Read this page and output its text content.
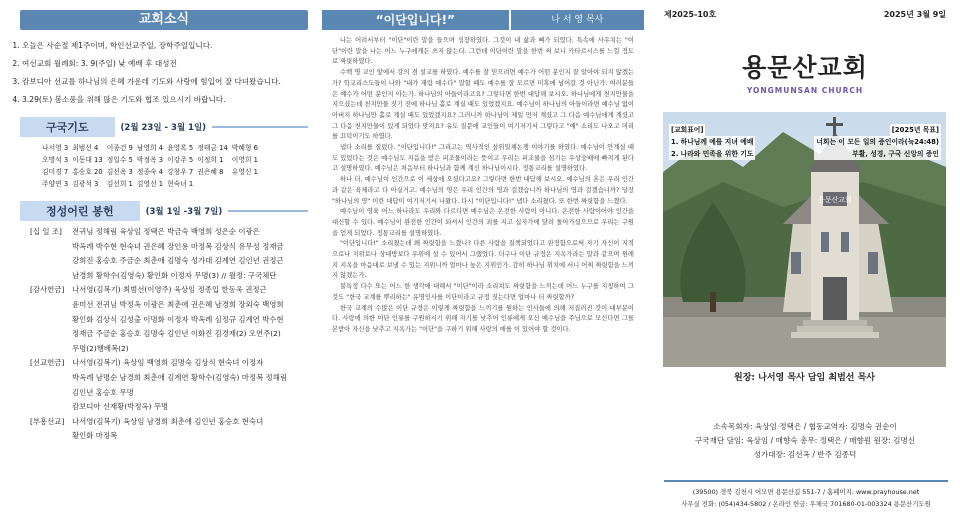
교회소식
1. 오늘은 사순절 제1주이며, 학인선교주일, 장학주일입니다.
2. 여선교회 월례회: 3. 9(주일) 낮 예배 후 대성전
3. 캄보디아 선교를 하나님의 은혜 가운데 기도와 사랑에 힘입어 잘 다녀왔습니다.
4. 3.29(토) 봄소풍을 위해 많은 기도와 협조 있으시기 바랍니다.
구국기도	(2월 23일 - 3월 1일)
나서영 3	최범선 4	이종건 9	남영희 4	윤영록 5	정태금 14	박혜형 6
오명석 3	이동대 13	정일수 5	박정옥 3	이강주 5	이정희 1	이영희 1
김미경 7	홍승호 20	김선옥 3	정종숙 4	강창우 7	권은혜 8	유영신 1
주양연 3	김광석 3	김선희 1	김영선 1	현숙녀 1		
정성어린 봉헌	(3월 1일 -3월 7일)
[십 일 조]	전귀님 정해림 육상임 정택은 박금숙 백영희 성은순 이광은
박옥례 박수현 현숙녀 권은혜 장인용 마정복 김상식 유무성 정재금
강희진 홍승호 주금순 최춘애 김명숙 성가대 김계연 김인년 권정근
남경희 황학수(김영숙) 황인화 이정자 무명(3) // 월정: 구국체단
[감사헌금]	나서영(김복기) 최범선(이영주) 육상임 정종입 한동욱 권정근
윤미선 전귀님 박정옥 이광은 최춘애 권은혜 남경희 장외숙 백영희
황인화 김상식 김성출 이명화 이정자 박옥례 심정규 김계연 박수현
정재금 주금순 홍승호 김명숙 김인년 이화진 김경재(2) 오연주(2)
무명(2)행배복(2)
[선교헌금]	나서영(김복기) 육상임 백영희 김명숙 김상식 현숙녀 이정자
박옥례 남명순 남경희 최춘애 김계연 황학수(김영숙) 마정복 정해림
김인년 홍승호 무명
캄보디아 신재황(박정옥) 무명
[부흥선교]	나서영(김복기) 육상임 남경희 최춘애 김인년 홍승호 현숙녀
황인화 마정복
“이단입니다!”	나 서 영 목사

나는 어려서부터 "이단"이란 말을 들으며 성장하였다. 그것이 내 삶과 뼈가 되었다. 특속에 사우치는 "이단"이란 말을 나는 어느 누구에게든 쓰지 않는다. 그런데 이단이란 말을 한번 써 보니 카타르시스를 느낄 정도로 짜릿하였다.

수백 명 교인 앞에서 강의 겸 설교를 하였다. 예수를 잘 믿으려면 예수가 어떤 분인지 잘 알아야 되지 않겠는가? 학교리스도들이 나와 "내가 재림 예수다" 말할 때도 예수를 잘 모르면 미혹에 넘어갈 것 아닌가. 여러분들은 예수가 어떤 분인지 아는가. 하나님의 아들이라고요? 그렇다면 한번 대답해 보시오. 하나님에게 천지만물을 지으셨는데 천지만물 짓기 전에 하나님 홀로 계실 때도 있었겠지요. 예수님이 하나님의 아들이라면 예수님 없이 아버지 하나님만 홀로 계실 때도 있었겠지요? 그러니까 하나님이 제일 먼저 계셨고 그 다음 예수님에게 계셨고 그 다음 천지만물이 있게 되었다 맞지요? 유도 질문에 교인들이 여기저기서 그렇다고 "예" 소리도 나오고 머리를 끄덕이기도 하였다.

냅다 소리를 질렀다. "이단입니다!" 그리고는 역사적인 삼위일체논쟁 이야기를 하였다. 예수님이 안계실 때도 있었다는 것은 예수님도 지음을 받은 피조물이라는 뜻이고 우리는 피조물을 섬기는 우상숭배에 빠지게 된다고 설명하였다. 예수님은 처음부터 하나님과 함께 계신 하나님이시다. 정통교리를 설명하였다.

하나 더. 예수님이 인간으로 이 세상에 오셨다고요? 그렇다면 한번 대답해 보시오. 예수님의 혼은 우리 인간과 같은 육체라고 다 아실거고. 예수님의 영은 우리 인간의 영과 걸겠습니까 하나님의 영과 걸겠습니까? 당장 "하나님의 영" 이란 대답이 여기저기서 나왔다. 다시 "이단입니다!" 냅다 소리쳤다. 또 한번 짜릿함을 느꼈다.

예수님이 영육 어느 하나라도 우리와 다르다면 예수님은 온전한 사람이 아니다. 온전한 사람이어야 인간을 대신할 수 있다. 예수님이 완전한 인간이 되셔서 인간의 죄를 지고 십자가에 달려 돌아가셨으므로 우리는 구원을 얻게 되었다. 정통교리를 설명하였다.

"이단입니다!" 소리쳤는데 왜 짜릿함을 느꼈나? 다른 사람을 질책되었다고 판정함으로써 자기 자신이 지적으로나 지위로나 상대방보다 우위에 설 수 있어서 그랬었다. 더구나 이단 규정은 지옥가라는 말과 같으며 원래지 지옥을 마음대로 보낼 수 있는 지위니까 얼마나 높은 지위인가. 감히 하나님 위치에 서니 어찌 짜릿함을 느끼지 않겠는가.

불특정 다수 또는 어느 한 생각에 대해서 "이단"이라 소리쳐도 짜릿함을 느끼는데 어느 누구를 지칭하여 그것도 "한국 교계를 뿌리하는" 유명인사를 이단이라고 규정 짓는다면 얼마나 더 짜릿할까?

한국 교계의 수많은 이단 규정은 이렇게 짜릿함을 느끼기를 원하는 인사들에 의해 저질러진 것이 대부분이다. 사랑에 의한 이단 인류를 구원하시기 위해 자기를 낮추어 인류에게 오신 예수님을 주님으로 모신다면 그를 본받아 자신을 낮추고 지옥가는 "이단"을 구하기 위해 사랑의 애를 이 있어야 할 것이다.

제2025-10호	2025년 3월 9일
용문산교회
YONGMUNSAN CHURCH
용문산교회
[교회표어]
1. 하나님께 예를 지녀 예배
2. 나라와 민족을 위한 기도
[2025년 목표]
너희는 이 모든 일의 증인이라(눅24:48)
부활, 성경, 구국 신앙의 증인
원장: 나서영 목사 담임 최범선 목사
소속목회자: 육상임 정택은 / 협동교역자: 김명숙 권순이
구국재단 담임: 육상임 / 매향숙 총무: 정택은 / 매향원 원장: 김명신
성가대장: 김선옥 / 반주 김종덕
(39500) 경북 김천시 어모면 용문산길 551-7 / 홈페이지: www.prayhouse.net
사무실 전화: (054)434-5802 / 온라인 헌금: 우체국 701680-01-003324 용문산기도원
